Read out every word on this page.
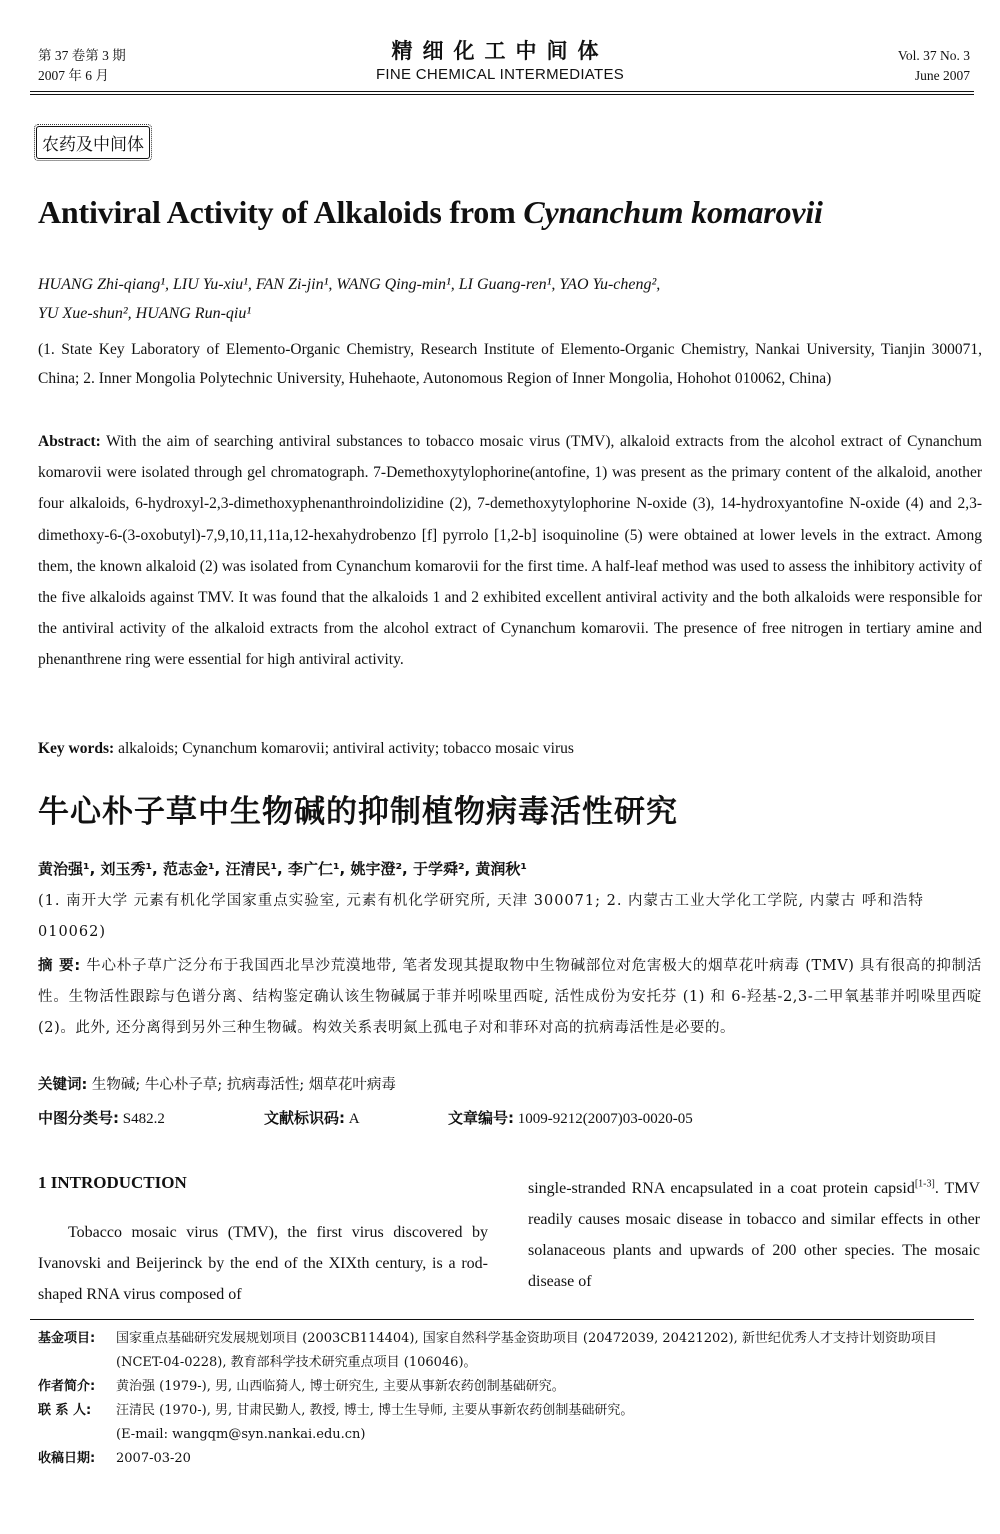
第 37 卷第 3 期
2007 年 6 月
精细化工中间体
FINE CHEMICAL INTERMEDIATES
Vol. 37 No. 3
June 2007
农药及中间体
Antiviral Activity of Alkaloids from Cynanchum komarovii
HUANG Zhi-qiang¹, LIU Yu-xiu¹, FAN Zi-jin¹, WANG Qing-min¹, LI Guang-ren¹, YAO Yu-cheng²,
YU Xue-shun², HUANG Run-qiu¹
(1. State Key Laboratory of Elemento-Organic Chemistry, Research Institute of Elemento-Organic Chemistry, Nankai University, Tianjin 300071, China; 2. Inner Mongolia Polytechnic University, Huhehaote, Autonomous Region of Inner Mongolia, Hohohot 010062, China)
Abstract: With the aim of searching antiviral substances to tobacco mosaic virus (TMV), alkaloid extracts from the alcohol extract of Cynanchum komarovii were isolated through gel chromatograph. 7-Demethoxytylophorine(antofine, 1) was present as the primary content of the alkaloid, another four alkaloids, 6-hydroxyl-2,3-dimethoxyphenanthroindolizidine (2), 7-demethoxytylophorine N-oxide (3), 14-hydroxyantofine N-oxide (4) and 2,3-dimethoxy-6-(3-oxobutyl)-7,9,10,11,11a,12-hexahydrobenzo [f] pyrrolo [1,2-b] isoquinoline (5) were obtained at lower levels in the extract. Among them, the known alkaloid (2) was isolated from Cynanchum komarovii for the first time. A half-leaf method was used to assess the inhibitory activity of the five alkaloids against TMV. It was found that the alkaloids 1 and 2 exhibited excellent antiviral activity and the both alkaloids were responsible for the antiviral activity of the alkaloid extracts from the alcohol extract of Cynanchum komarovii. The presence of free nitrogen in tertiary amine and phenanthrene ring were essential for high antiviral activity.
Key words: alkaloids; Cynanchum komarovii; antiviral activity; tobacco mosaic virus
牛心朴子草中生物碱的抑制植物病毒活性研究
黄治强¹, 刘玉秀¹, 范志金¹, 汪清民¹, 李广仁¹, 姚宇澄², 于学舜², 黄润秋¹
(1. 南开大学 元素有机化学国家重点实验室, 元素有机化学研究所, 天津 300071; 2. 内蒙古工业大学化工学院, 内蒙古 呼和浩特 010062)
摘 要: 牛心朴子草广泛分布于我国西北旱沙荒漠地带, 笔者发现其提取物中生物碱部位对危害极大的烟草花叶病毒 (TMV) 具有很高的抑制活性。生物活性跟踪与色谱分离、结构鉴定确认该生物碱属于菲并吲哚里西啶, 活性成份为安托芬 (1) 和 6-羟基-2,3-二甲氧基菲并吲哚里西啶 (2)。此外, 还分离得到另外三种生物碱。构效关系表明氮上孤电子对和菲环对高的抗病毒活性是必要的。
关键词: 生物碱; 牛心朴子草; 抗病毒活性; 烟草花叶病毒
中图分类号: S482.2	文献标识码: A	文章编号: 1009-9212(2007)03-0020-05
1 INTRODUCTION
Tobacco mosaic virus (TMV), the first virus discovered by Ivanovski and Beijerinck by the end of the XIXth century, is a rod-shaped RNA virus composed of
single-stranded RNA encapsulated in a coat protein capsid[1-3]. TMV readily causes mosaic disease in tobacco and similar effects in other solanaceous plants and upwards of 200 other species. The mosaic disease of
基金项目: 国家重点基础研究发展规划项目 (2003CB114404), 国家自然科学基金资助项目 (20472039, 20421202), 新世纪优秀人才支持计划资助项目 (NCET-04-0228), 教育部科学技术研究重点项目 (106046)。
作者简介: 黄治强 (1979-), 男, 山西临猗人, 博士研究生, 主要从事新农药创制基础研究。
联 系 人: 汪清民 (1970-), 男, 甘肃民勤人, 教授, 博士, 博士生导师, 主要从事新农药创制基础研究。
(E-mail: wangqm@syn.nankai.edu.cn)
收稿日期: 2007-03-20
